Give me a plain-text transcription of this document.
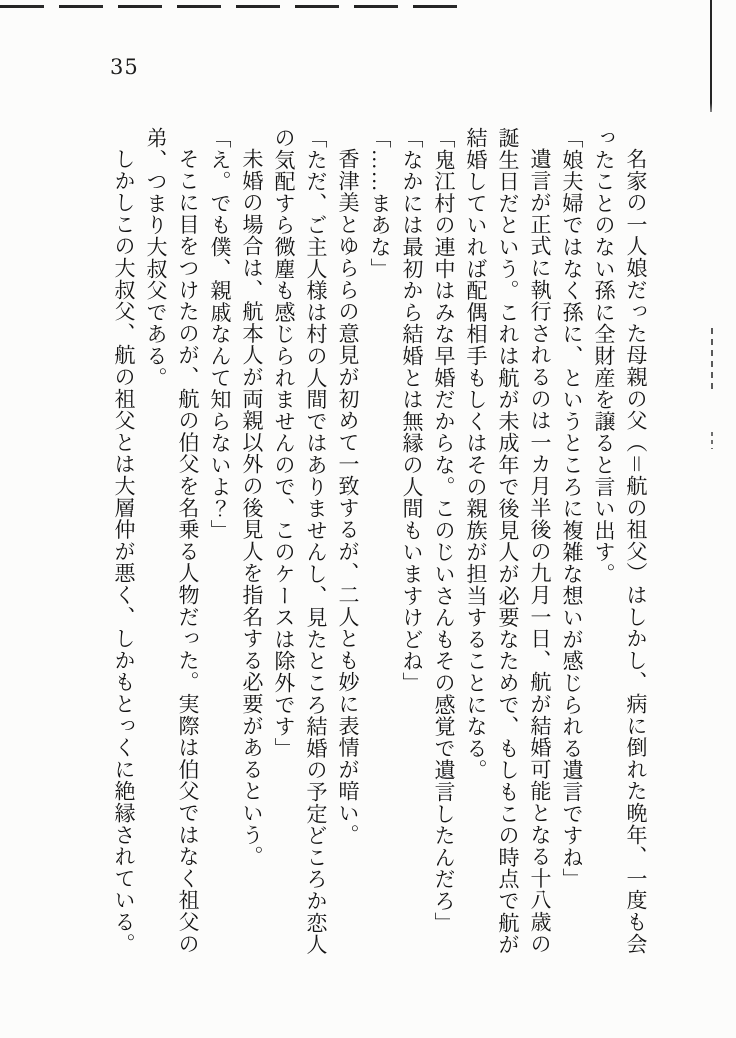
35

名家の一人娘だった母親の父（＝航の祖父）はしかし、病に倒れた晩年、一度も会ったことのない孫に全財産を譲ると言い出す。

「娘夫婦ではなく孫に、というところに複雑な想いが感じられる遺言ですね」

遺言が正式に執行されるのは一カ月半後の九月一日、航が結婚可能となる十八歳の誕生日だという。これは航が未成年で後見人が必要なためで、もしもこの時点で航が結婚していれば配偶相手もしくはその親族が担当することになる。

「鬼江村の連中はみな早婚だからな。このじいさんもその感覚で遺言したんだろ」

「なかには最初から結婚とは無縁の人間もいますけどね」

「……まあな」

香津美とゆららの意見が初めて一致するが、二人とも妙に表情が暗い。

「ただ、ご主人様は村の人間ではありませんし、見たところ結婚の予定どころか恋人の気配すら微塵も感じられませんので、このケースは除外です」

未婚の場合は、航本人が両親以外の後見人を指名する必要があるという。

「え。でも僕、親戚なんて知らないよ？」

そこに目をつけたのが、航の伯父を名乗る人物だった。実際は伯父ではなく祖父の弟、つまり大叔父である。

しかしこの大叔父、航の祖父とは大層仲が悪く、しかもとっくに絶縁されている。
